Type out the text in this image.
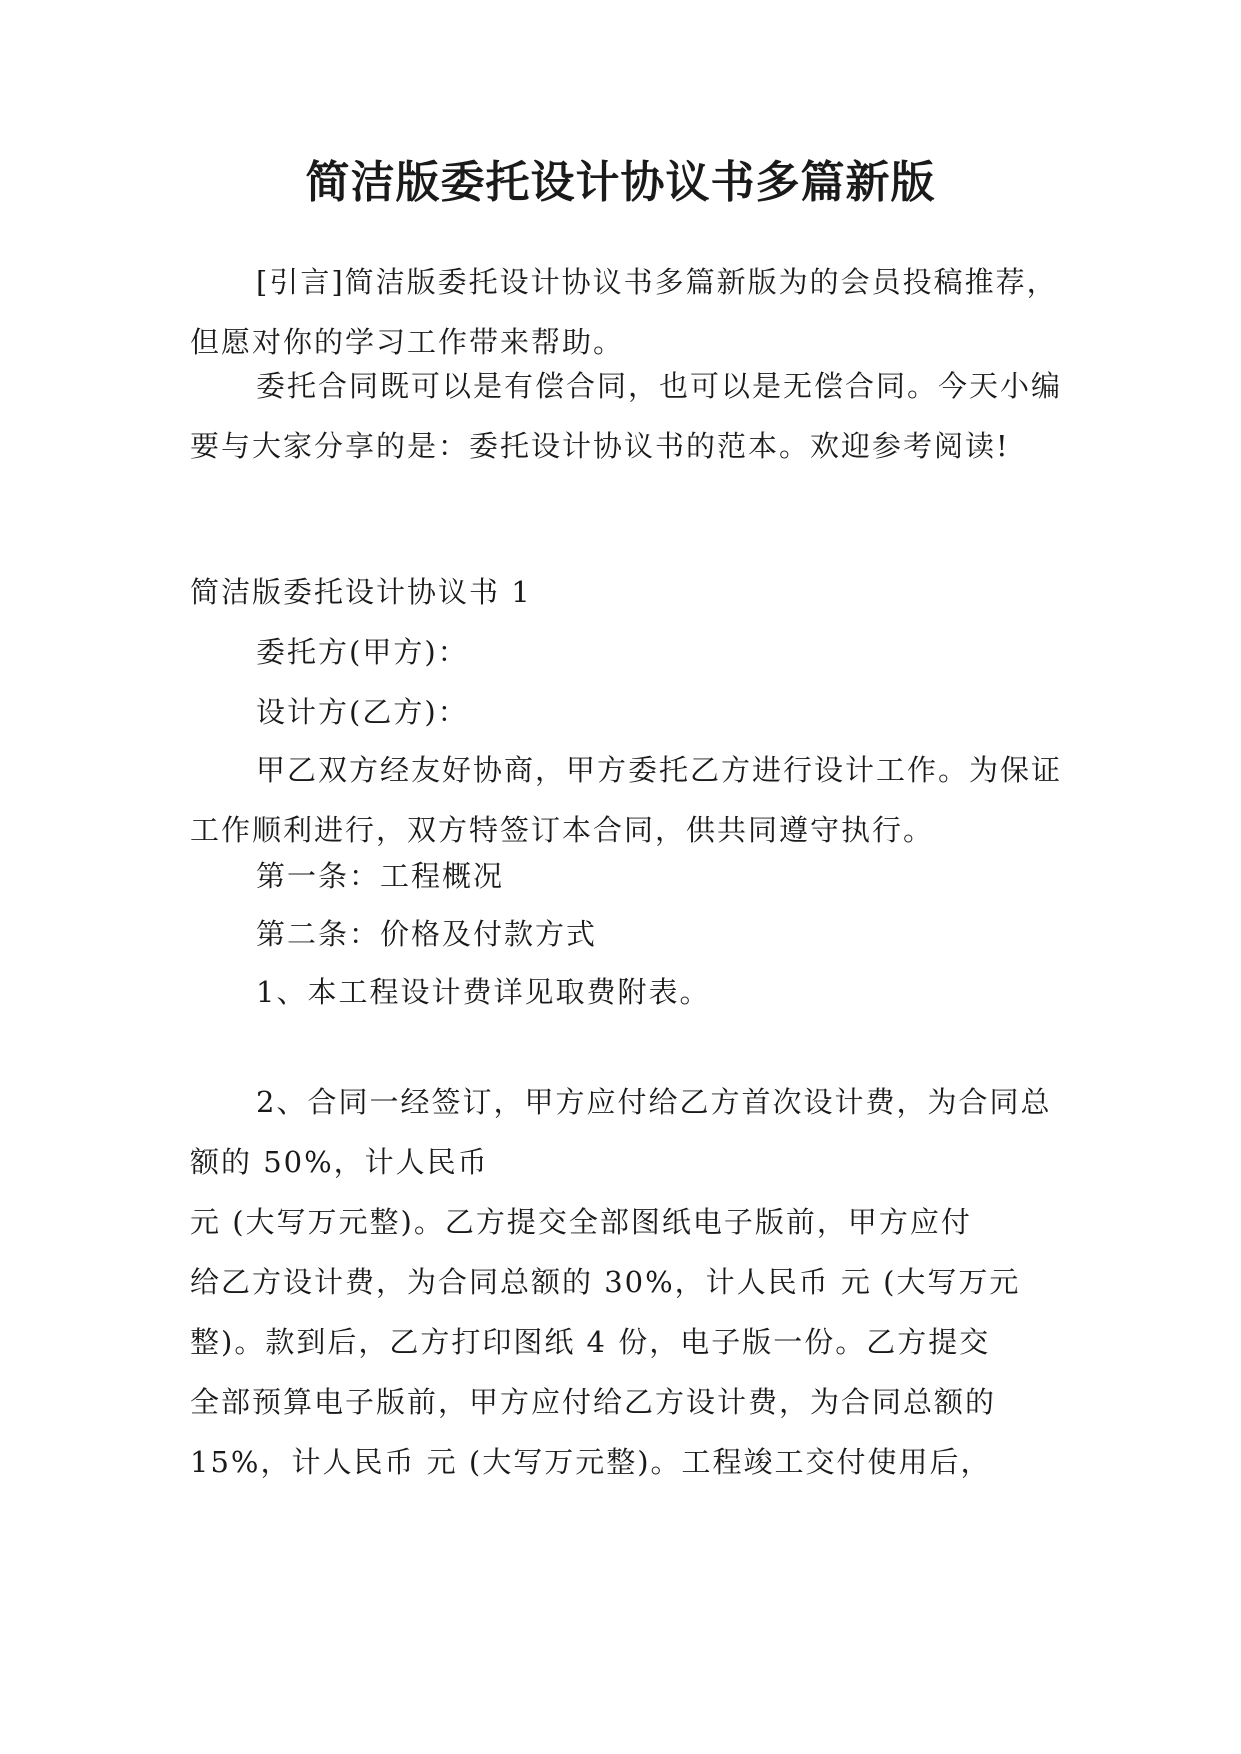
简洁版委托设计协议书多篇新版

[引言]简洁版委托设计协议书多篇新版为的会员投稿推荐，但愿对你的学习工作带来帮助。

委托合同既可以是有偿合同，也可以是无偿合同。今天小编要与大家分享的是：委托设计协议书的范本。欢迎参考阅读!

简洁版委托设计协议书 1

委托方(甲方)：

设计方(乙方)：

甲乙双方经友好协商，甲方委托乙方进行设计工作。为保证工作顺利进行，双方特签订本合同，供共同遵守执行。

第一条：工程概况

第二条：价格及付款方式

1、本工程设计费详见取费附表。

2、合同一经签订，甲方应付给乙方首次设计费，为合同总额的 50%，计人民币

元 (大写万元整)。乙方提交全部图纸电子版前，甲方应付
给乙方设计费，为合同总额的 30%，计人民币 元 (大写万元
整)。款到后，乙方打印图纸 4 份，电子版一份。乙方提交
全部预算电子版前，甲方应付给乙方设计费，为合同总额的
15%，计人民币 元 (大写万元整)。工程竣工交付使用后，
